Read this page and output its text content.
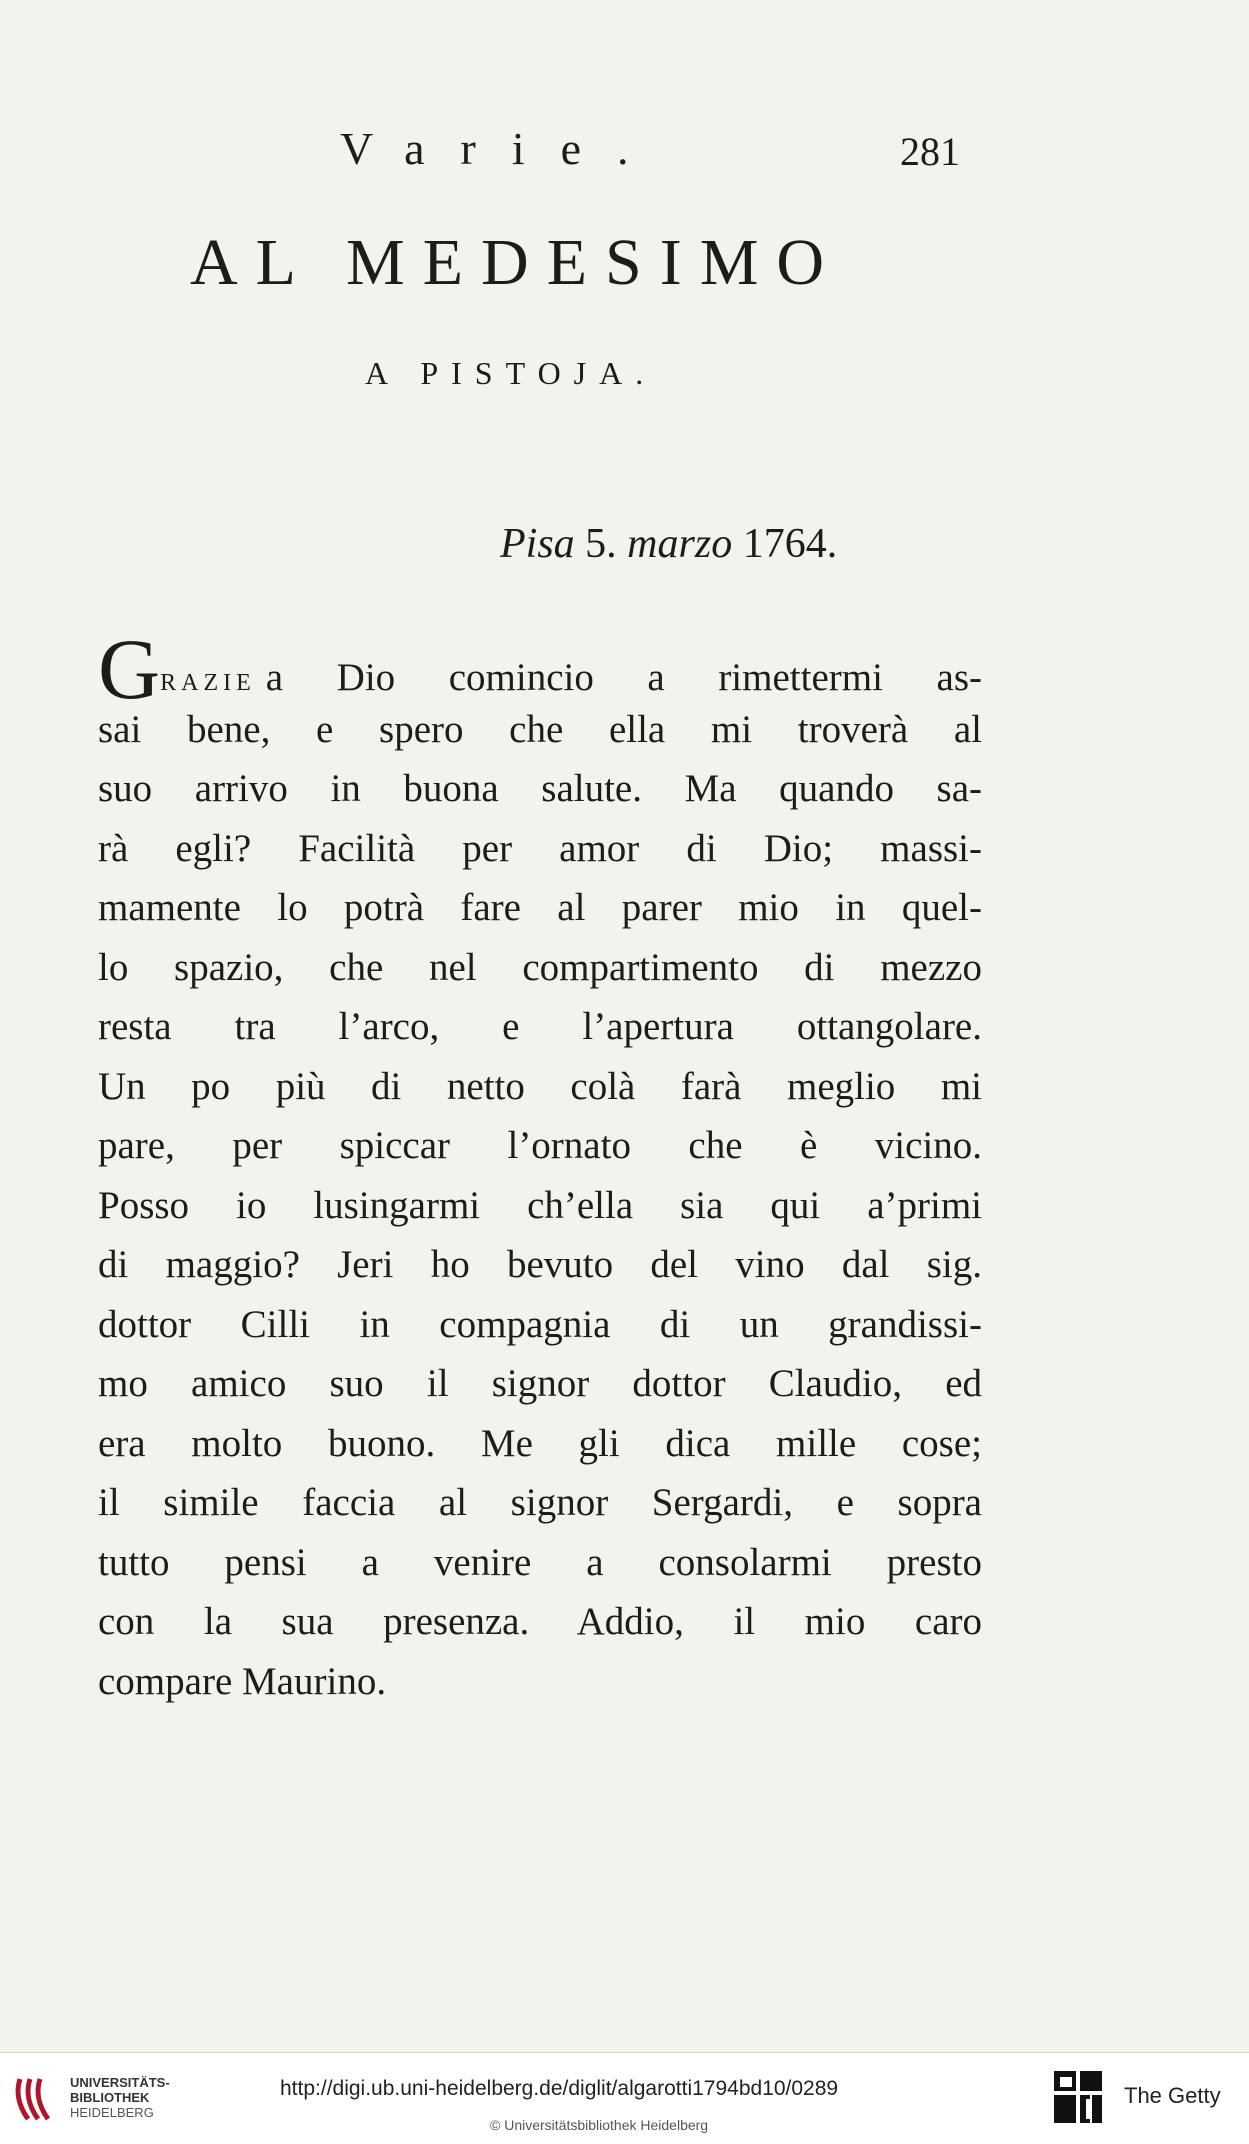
Varie.	281
AL MEDESIMO
A PISTOJA.
Pisa 5. marzo 1764.
GRAZIE a Dio comincio a rimettermi as-
sai bene, e spero che ella mi troverà al
suo arrivo in buona salute. Ma quando sa-
rà egli? Facilità per amor di Dio; massi-
mamente lo potrà fare al parer mio in quel-
lo spazio, che nel compartimento di mezzo
resta tra l’arco, e l’apertura ottangolare.
Un po più di netto colà farà meglio mi
pare, per spiccar l’ornato che è vicino.
Posso io lusingarmi ch’ella sia qui a’primi
di maggio? Jeri ho bevuto del vino dal sig.
dottor Cilli in compagnia di un grandissi-
mo amico suo il signor dottor Claudio, ed
era molto buono. Me gli dica mille cose;
il simile faccia al signor Sergardi, e sopra
tutto pensi a venire a consolarmi presto
con la sua presenza. Addio, il mio caro
compare Maurino.
UNIVERSITÄTS-
BIBLIOTHEK
HEIDELBERG
http://digi.ub.uni-heidelberg.de/diglit/algarotti1794bd10/0289
© Universitätsbibliothek Heidelberg
The Getty
